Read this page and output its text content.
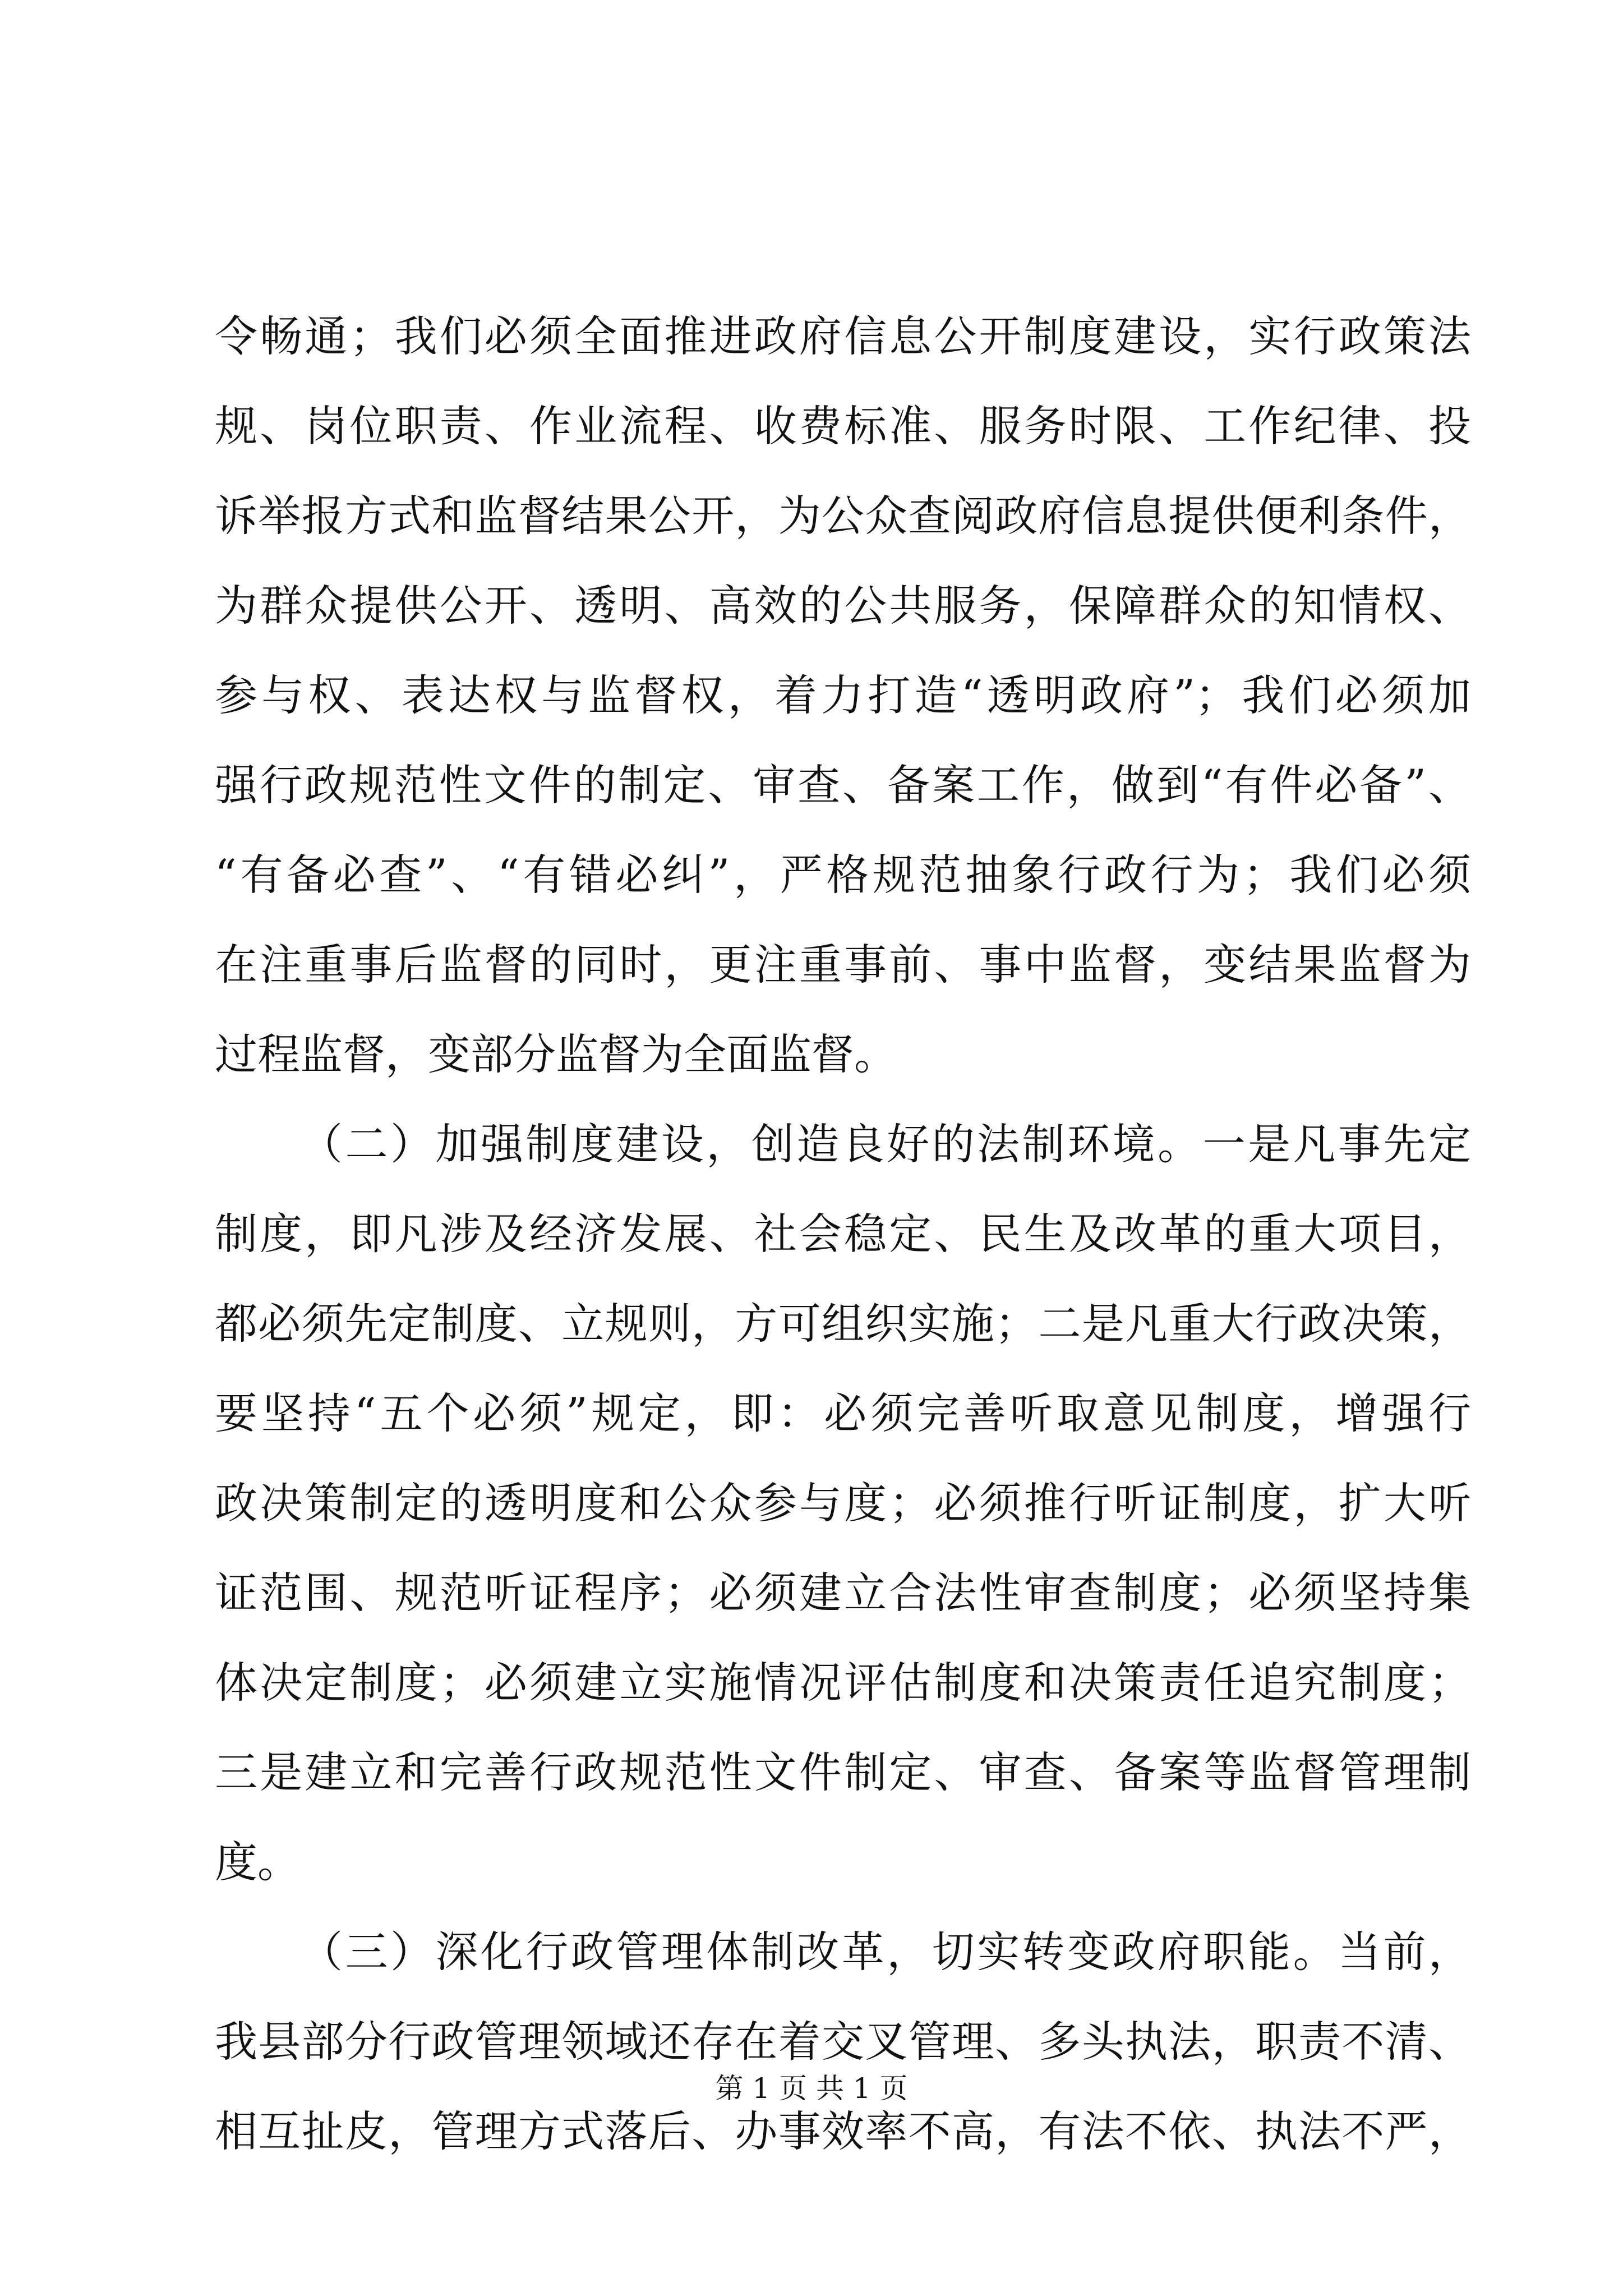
令畅通；我们必须全面推进政府信息公开制度建设，实行政策法
规、岗位职责、作业流程、收费标准、服务时限、工作纪律、投
诉举报方式和监督结果公开，为公众查阅政府信息提供便利条件，
为群众提供公开、透明、高效的公共服务，保障群众的知情权、
参与权、表达权与监督权，着力打造“透明政府”；我们必须加
强行政规范性文件的制定、审查、备案工作，做到“有件必备”、
“有备必查”、“有错必纠”，严格规范抽象行政行为；我们必须
在注重事后监督的同时，更注重事前、事中监督，变结果监督为
过程监督，变部分监督为全面监督。
（二）加强制度建设，创造良好的法制环境。一是凡事先定
制度，即凡涉及经济发展、社会稳定、民生及改革的重大项目，
都必须先定制度、立规则，方可组织实施；二是凡重大行政决策，
要坚持“五个必须”规定，即：必须完善听取意见制度，增强行
政决策制定的透明度和公众参与度；必须推行听证制度，扩大听
证范围、规范听证程序；必须建立合法性审查制度；必须坚持集
体决定制度；必须建立实施情况评估制度和决策责任追究制度；
三是建立和完善行政规范性文件制定、审查、备案等监督管理制
度。
（三）深化行政管理体制改革，切实转变政府职能。当前，
我县部分行政管理领域还存在着交叉管理、多头执法，职责不清、
相互扯皮，管理方式落后、办事效率不高，有法不依、执法不严，
第 1 页 共 1 页
